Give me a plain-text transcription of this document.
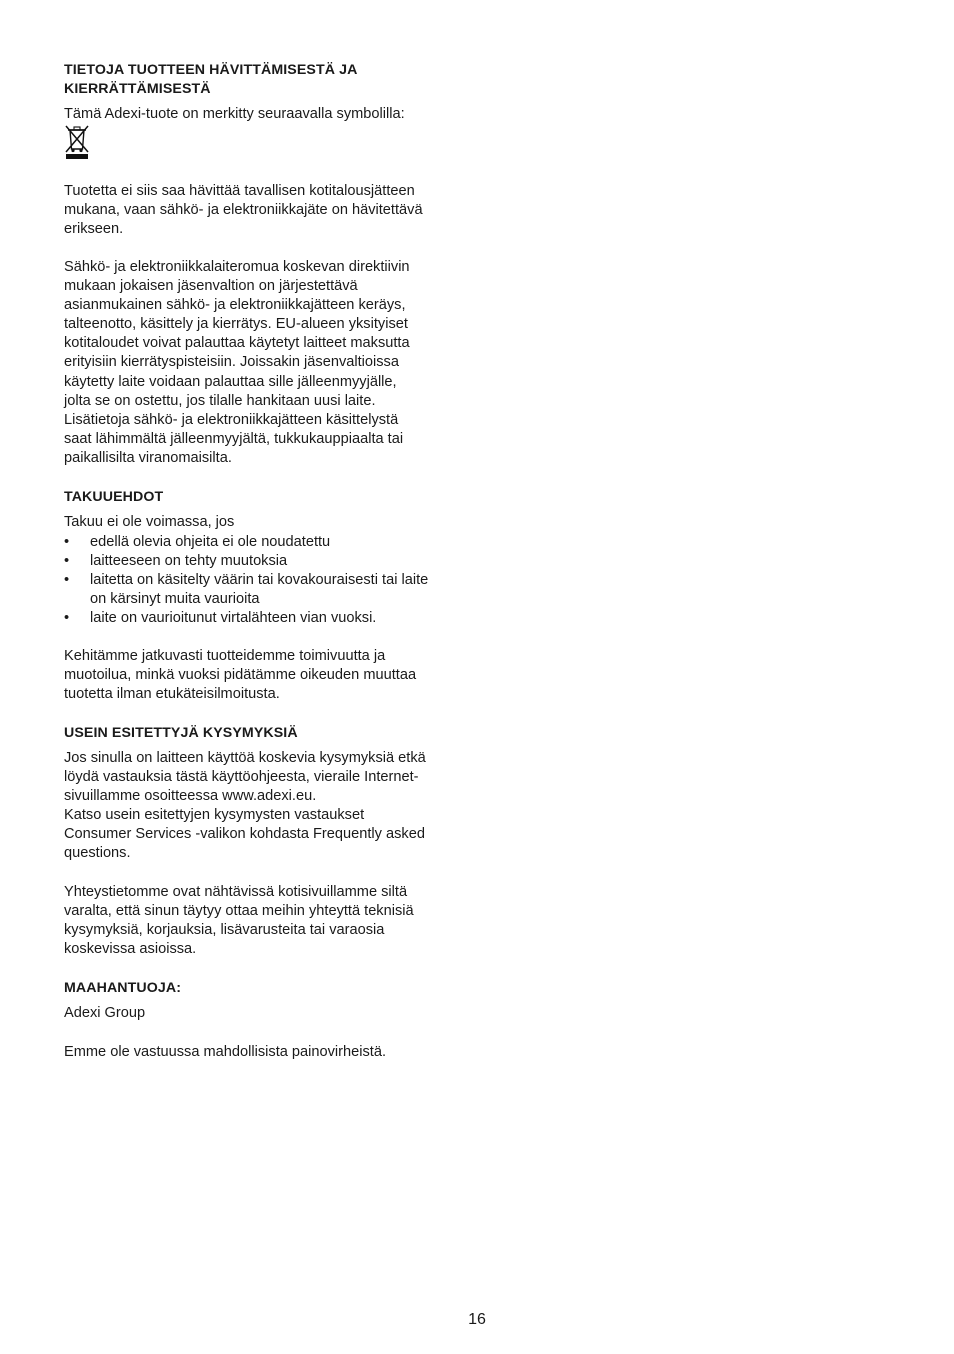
TIETOJA TUOTTEEN HÄVITTÄMISESTÄ JA
KIERRÄTTÄMISESTÄ
Tämä Adexi-tuote on merkitty seuraavalla symbolilla:
Tuotetta ei siis saa hävittää tavallisen kotitalousjätteen
mukana, vaan sähkö- ja elektroniikkajäte on hävitettävä
erikseen.
Sähkö- ja elektroniikkalaiteromua koskevan direktiivin
mukaan jokaisen jäsenvaltion on järjestettävä
asianmukainen sähkö- ja elektroniikkajätteen keräys,
talteenotto, käsittely ja kierrätys. EU-alueen yksityiset
kotitaloudet voivat palauttaa käytetyt laitteet maksutta
erityisiin kierrätyspisteisiin. Joissakin jäsenvaltioissa
käytetty laite voidaan palauttaa sille jälleenmyyjälle,
jolta se on ostettu, jos tilalle hankitaan uusi laite.
Lisätietoja sähkö- ja elektroniikkajätteen käsittelystä
saat lähimmältä jälleenmyyjältä, tukkukauppiaalta tai
paikallisilta viranomaisilta.
TAKUUEHDOT
Takuu ei ole voimassa, jos
• edellä olevia ohjeita ei ole noudatettu
• laitteeseen on tehty muutoksia
• laitetta on käsitelty väärin tai kovakouraisesti tai laite
on kärsinyt muita vaurioita
• laite on vaurioitunut virtalähteen vian vuoksi.
Kehitämme jatkuvasti tuotteidemme toimivuutta ja
muotoilua, minkä vuoksi pidätämme oikeuden muuttaa
tuotetta ilman etukäteisilmoitusta.
USEIN ESITETTYJÄ KYSYMYKSIÄ
Jos sinulla on laitteen käyttöä koskevia kysymyksiä etkä
löydä vastauksia tästä käyttöohjeesta, vieraile Internet-
sivuillamme osoitteessa www.adexi.eu.
Katso usein esitettyjen kysymysten vastaukset
Consumer Services -valikon kohdasta Frequently asked
questions.
Yhteystietomme ovat nähtävissä kotisivuillamme siltä
varalta, että sinun täytyy ottaa meihin yhteyttä teknisiä
kysymyksiä, korjauksia, lisävarusteita tai varaosia
koskevissa asioissa.
MAAHANTUOJA:
Adexi Group
Emme ole vastuussa mahdollisista painovirheistä.
16
